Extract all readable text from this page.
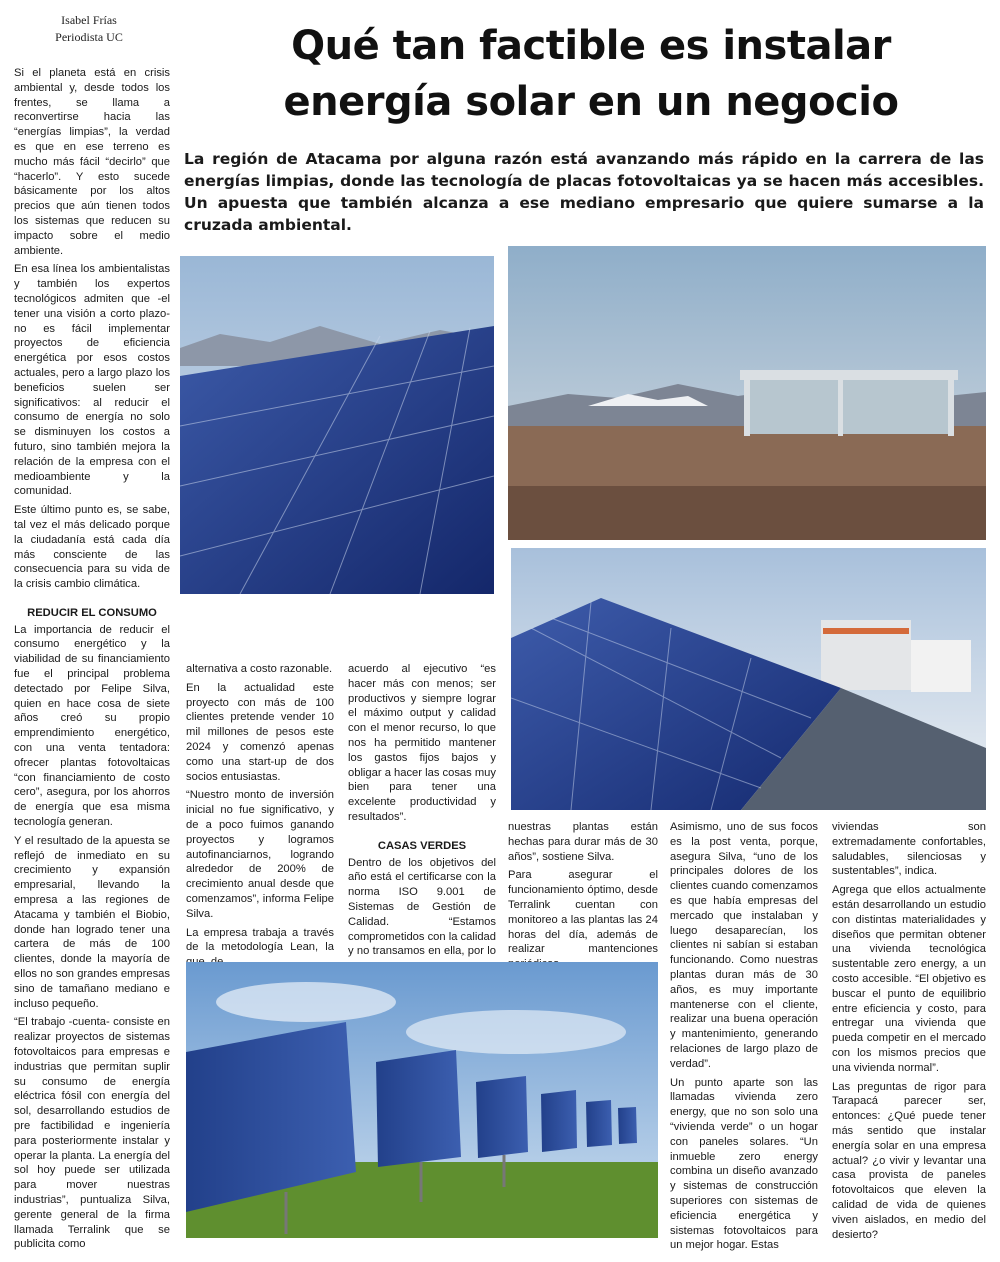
Isabel Frías
Periodista UC	Qué tan factible es instalar
energía solar en un negocio
La región de Atacama por alguna razón está avanzando más rápido en la carrera de las energías limpias, donde las tecnología de placas fotovoltaicas ya se hacen más accesibles. Un apuesta que también alcanza a ese mediano empresario que quiere sumarse a la cruzada ambiental.

Si el planeta está en crisis ambiental y, desde todos los frentes, se llama a reconvertirse hacia las “energías limpias”, la verdad es que en ese terreno es mucho más fácil “decirlo” que “hacerlo”. Y esto sucede básicamente por los altos precios que aún tienen todos los sistemas que reducen su impacto sobre el medio ambiente.

En esa línea los ambientalistas y también los expertos tecnológicos admiten que -el tener una visión a corto plazo- no es fácil implementar proyectos de eficiencia energética por esos costos actuales, pero a largo plazo los beneficios suelen ser significativos: al reducir el consumo de energía no solo se disminuyen los costos a futuro, sino también mejora la relación de la empresa con el medioambiente y la comunidad.

Este último punto es, se sabe, tal vez el más delicado porque la ciudadanía está cada día más consciente de las consecuencia para su vida de la crisis cambio climática.

REDUCIR EL CONSUMO

La importancia de reducir el consumo energético y la viabilidad de su financiamiento fue el principal problema detectado por Felipe Silva, quien en hace cosa de siete años creó su propio emprendimiento energético, con una venta tentadora: ofrecer plantas fotovoltaicas “con financiamiento de costo cero”, asegura, por los ahorros de energía que esa misma tecnología generan.

Y el resultado de la apuesta se reflejó de inmediato en su crecimiento y expansión empresarial, llevando la empresa a las regiones de Atacama y también el Biobio, donde han logrado tener una cartera de más de 100 clientes, donde la mayoría de ellos no son grandes empresas sino de tamañano mediano e incluso pequeño.

“El trabajo -cuenta- consiste en realizar proyectos de sistemas fotovoltaicos para empresas e industrias que permitan suplir su consumo de energía eléctrica fósil con energía del sol, desarrollando estudios de pre factibilidad e ingeniería para posteriormente instalar y operar la planta. La energía del sol hoy puede ser utilizada para mover nuestras industrias”, puntualiza Silva, gerente general de la firma llamada Terralink que se publicita como

alternativa a costo razonable.

En la actualidad este proyecto con más de 100 clientes pretende vender 10 mil millones de pesos este 2024 y comenzó apenas como una start-up de dos socios entusiastas.

“Nuestro monto de inversión inicial no fue significativo, y de a poco fuimos ganando proyectos y logramos autofinanciarnos, logrando alrededor de 200% de crecimiento anual desde que comenzamos”, informa Felipe Silva.

La empresa trabaja a través de la metodología Lean, la

acuerdo al ejecutivo “es hacer más con menos; ser productivos y siempre lograr el máximo output y calidad con el menor recurso, lo que nos ha permitido mantener los gastos fijos bajos y obligar a hacer las cosas muy bien para tener una excelente productividad y resultados”.

CASAS VERDES

Dentro de los objetivos del año está el certificarse con la norma ISO 9.001 de Sistemas de Gestión de Calidad. “Estamos comprometidos con la calidad y no transamos en ella, por lo

nuestras plantas están hechas para durar más de 30 años”, sostiene Silva.

Para asegurar el funcionamiento óptimo, desde Terralink cuentan con monitoreo a las plantas las 24 horas del día, además de realizar mantenciones

Asimismo, uno de sus focos es la post venta, porque, asegura Silva, “uno de los principales dolores de los clientes cuando comenzamos es que había empresas del mercado que instalaban y luego desaparecían, los clientes ni sabían si estaban funcionando. Como nuestras plantas duran más de 30 años, es muy importante mantenerse con el cliente, realizar una buena operación y mantenimiento, generando relaciones de largo plazo de verdad”.

Un punto aparte son las llamadas vivienda zero energy, que no son solo una “vivienda verde” o un hogar con paneles solares. “Un inmueble zero energy combina un diseño avanzado y sistemas de construcción superiores con sistemas de eficiencia energética y sistemas fotovoltaicos para un mejor hogar. Estas

viviendas son extremadamente confortables, saludables, silenciosas y sustentables”, indica.

Agrega que ellos actualmente están desarrollando un estudio con distintas materialidades y diseños que permitan obtener una vivienda tecnológica sustentable zero energy, a un costo accesible. “El objetivo es buscar el punto de equilibrio entre eficiencia y costo, para entregar una vivienda que pueda competir en el mercado con los mismos precios que una vivienda normal”.

Las preguntas de rigor para Tarapacá parecer ser, entonces: ¿Qué puede tener más sentido que instalar energía solar en una empresa actual? ¿o vivir y levantar una casa provista de paneles fotovoltaicos que eleven la calidad de vida de quienes viven aislados, en medio del desierto?
